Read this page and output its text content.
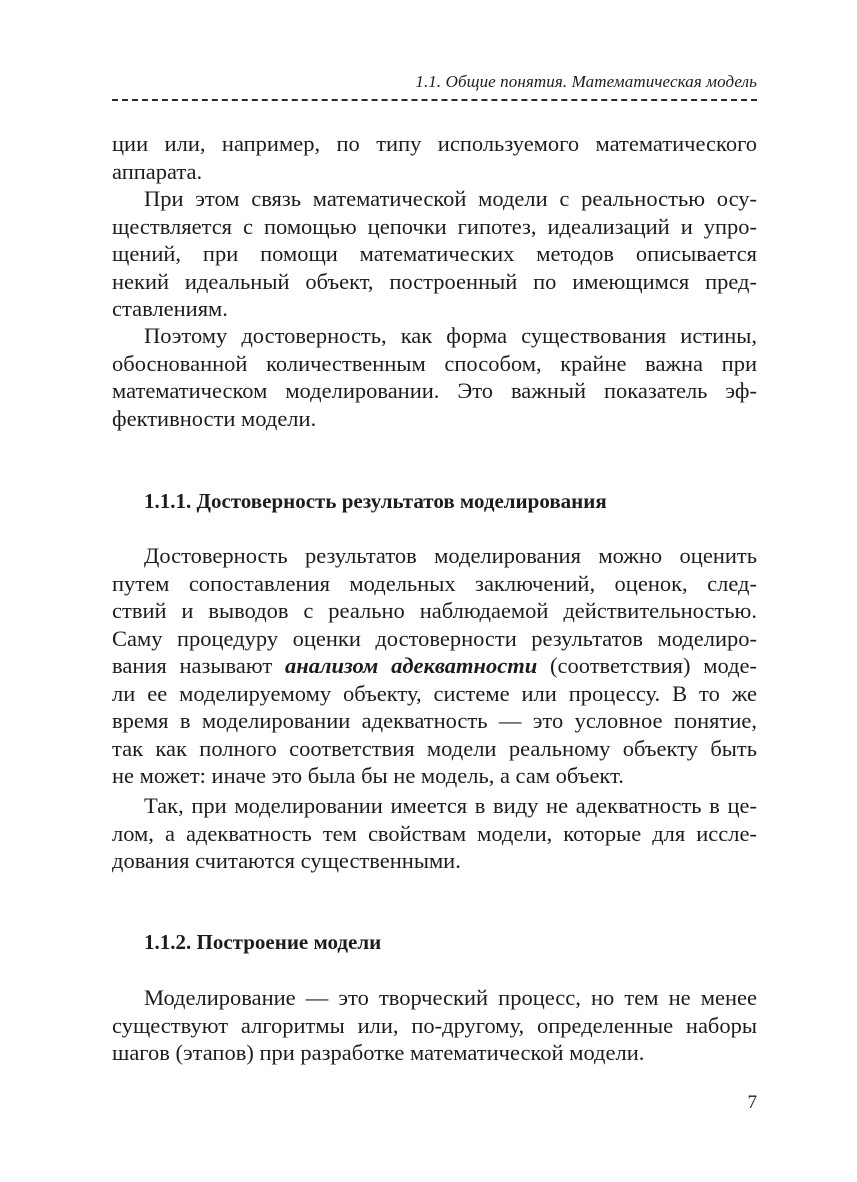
1.1. Общие понятия. Математическая модель
ции или, например, по типу используемого математического
аппарата.
При этом связь математической модели с реальностью осу-
ществляется с помощью цепочки гипотез, идеализаций и упро-
щений, при помощи математических методов описывается
некий идеальный объект, построенный по имеющимся пред-
ставлениям.
Поэтому достоверность, как форма существования истины,
обоснованной количественным способом, крайне важна при
математическом моделировании. Это важный показатель эф-
фективности модели.
1.1.1. Достоверность результатов моделирования
Достоверность результатов моделирования можно оценить
путем сопоставления модельных заключений, оценок, след-
ствий и выводов с реально наблюдаемой действительностью.
Саму процедуру оценки достоверности результатов моделиро-
вания называют анализом адекватности (соответствия) моде-
ли ее моделируемому объекту, системе или процессу. В то же
время в моделировании адекватность — это условное понятие,
так как полного соответствия модели реальному объекту быть
не может: иначе это была бы не модель, а сам объект.
Так, при моделировании имеется в виду не адекватность в це-
лом, а адекватность тем свойствам модели, которые для иссле-
дования считаются существенными.
1.1.2. Построение модели
Моделирование — это творческий процесс, но тем не менее
существуют алгоритмы или, по-другому, определенные наборы
шагов (этапов) при разработке математической модели.
7
